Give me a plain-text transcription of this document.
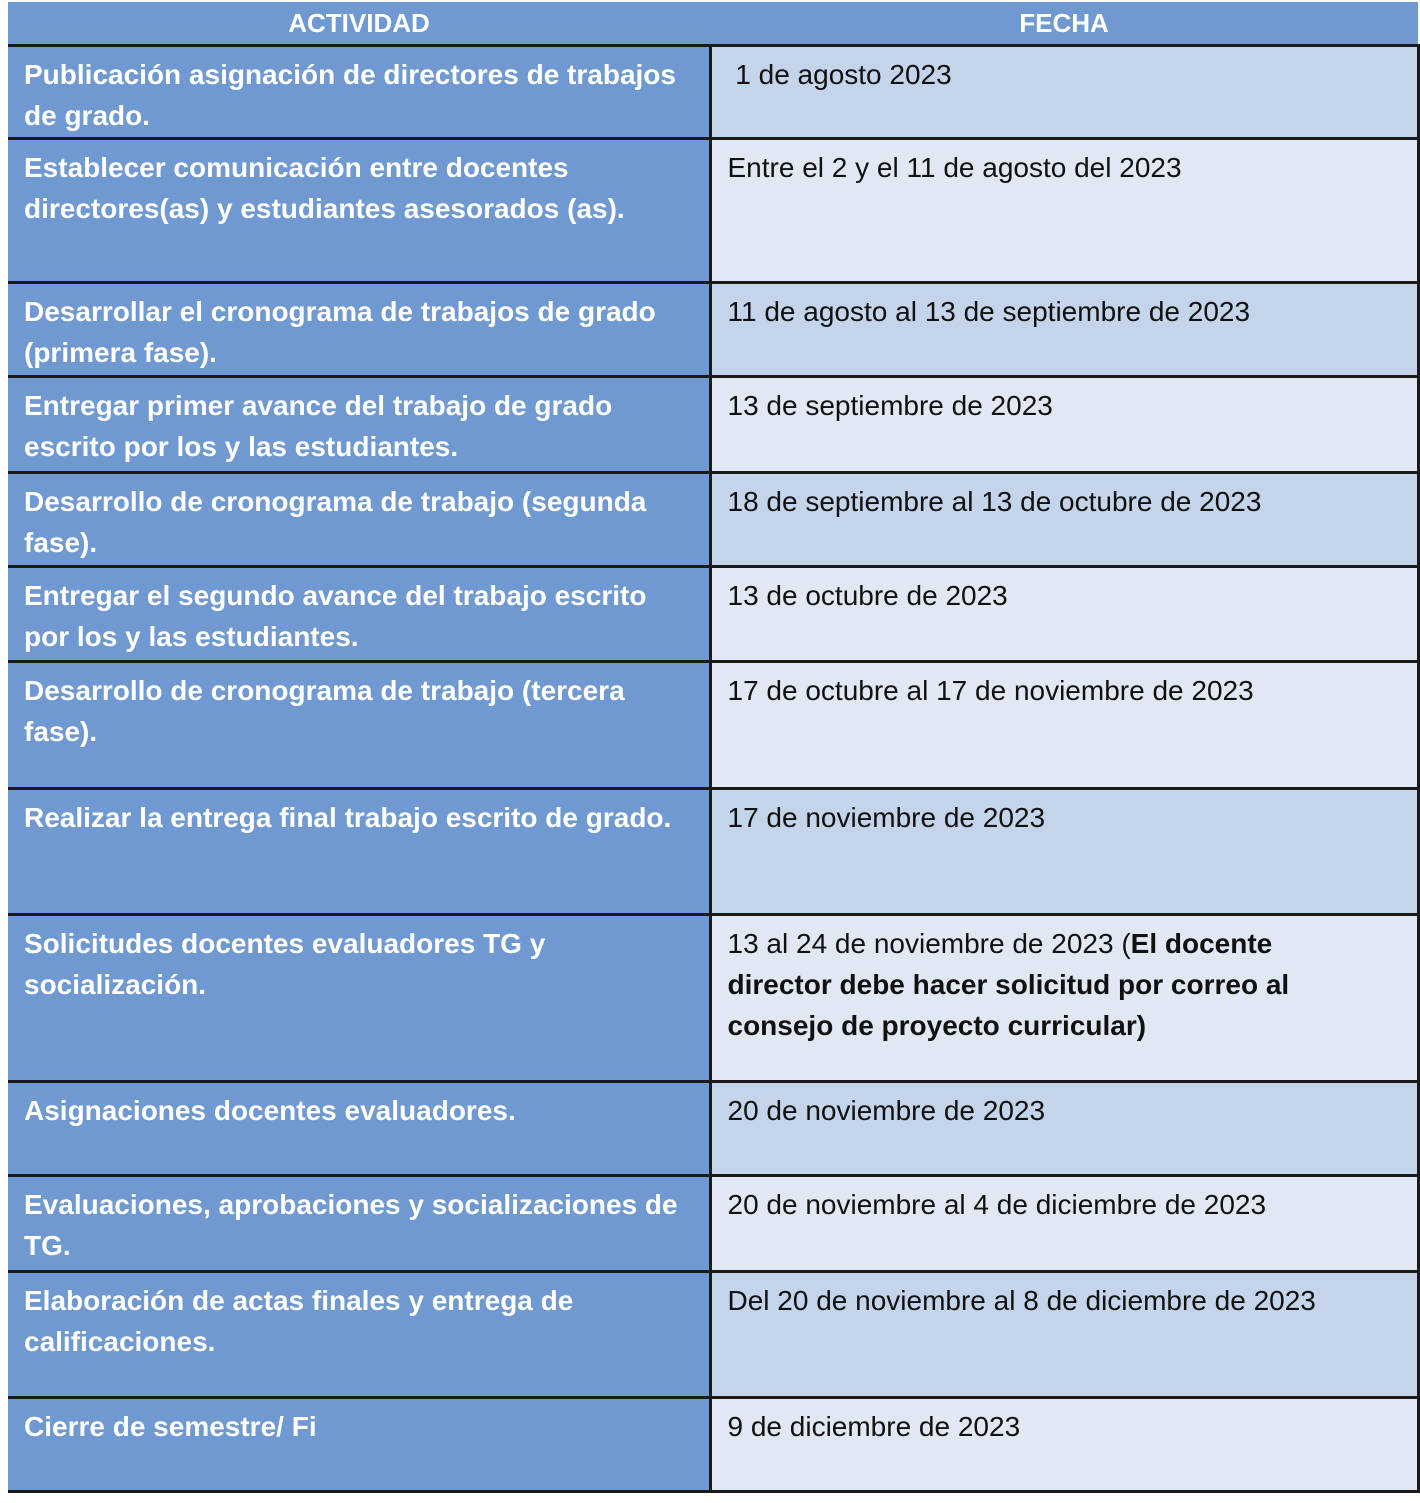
ACTIVIDAD	FECHA

Publicación asignación de directores de trabajos de grado.	1 de agosto 2023

Establecer comunicación entre docentes directores(as) y estudiantes asesorados (as).	Entre el 2 y el 11 de agosto del 2023

Desarrollar el cronograma de trabajos de grado (primera fase).	11 de agosto al 13 de septiembre de 2023

Entregar primer avance del trabajo de grado escrito por los y las estudiantes.	13 de septiembre de 2023

Desarrollo de cronograma de trabajo (segunda fase).	18 de septiembre al 13 de octubre de 2023

Entregar el segundo avance del trabajo escrito por los y las estudiantes.	13 de octubre de 2023

Desarrollo de cronograma de trabajo (tercera fase).	17 de octubre al 17 de noviembre de 2023

Realizar la entrega final trabajo escrito de grado.	17 de noviembre de 2023

Solicitudes docentes evaluadores TG y socialización.	13 al 24 de noviembre de 2023 (El docente director debe hacer solicitud por correo al consejo de proyecto curricular)

Asignaciones docentes evaluadores.	20 de noviembre de 2023

Evaluaciones, aprobaciones y socializaciones de TG.	20 de noviembre al 4 de diciembre de 2023

Elaboración de actas finales y entrega de calificaciones.	Del 20 de noviembre al 8 de diciembre de 2023

Cierre de semestre/ Fi	9 de diciembre de 2023
